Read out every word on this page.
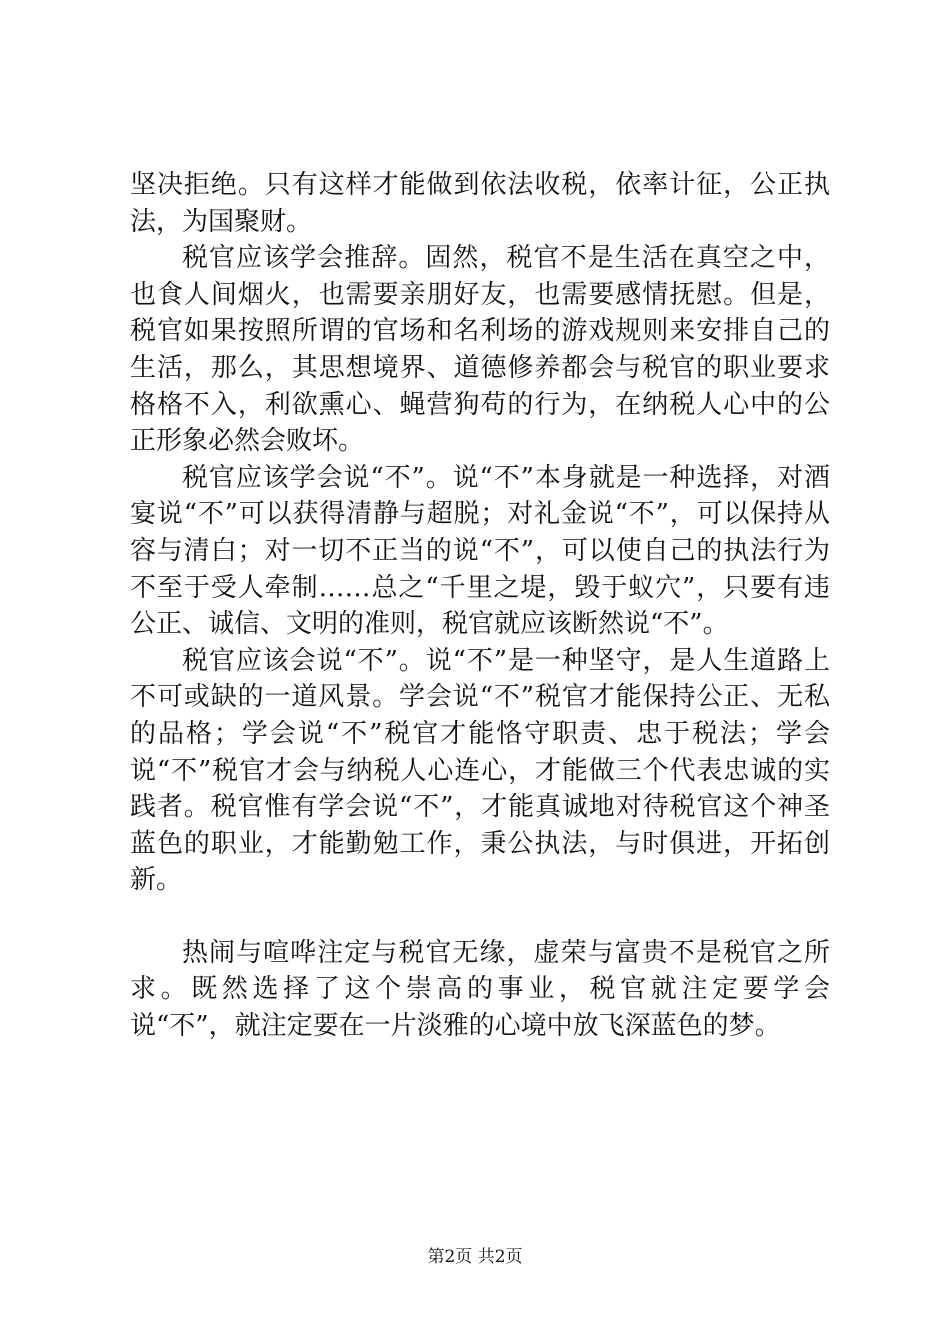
坚决拒绝。只有这样才能做到依法收税，依率计征，公正执法，为国聚财。

税官应该学会推辞。固然，税官不是生活在真空之中，也食人间烟火，也需要亲朋好友，也需要感情抚慰。但是，税官如果按照所谓的官场和名利场的游戏规则来安排自己的生活，那么，其思想境界、道德修养都会与税官的职业要求格格不入，利欲熏心、蝇营狗苟的行为，在纳税人心中的公正形象必然会败坏。

税官应该学会说“不”。说“不”本身就是一种选择，对酒宴说“不”可以获得清静与超脱；对礼金说“不”，可以保持从容与清白；对一切不正当的说“不”，可以使自己的执法行为不至于受人牵制……总之“千里之堤，毁于蚁穴”，只要有违公正、诚信、文明的准则，税官就应该断然说“不”。

税官应该会说“不”。说“不”是一种坚守，是人生道路上不可或缺的一道风景。学会说“不”税官才能保持公正、无私的品格；学会说“不”税官才能恪守职责、忠于税法；学会说“不”税官才会与纳税人心连心，才能做三个代表忠诚的实践者。税官惟有学会说“不”，才能真诚地对待税官这个神圣蓝色的职业，才能勤勉工作，秉公执法，与时俱进，开拓创新。

热闹与喧哗注定与税官无缘，虚荣与富贵不是税官之所求。既然选择了这个崇高的事业，税官就注定要学会说“不”，就注定要在一片淡雅的心境中放飞深蓝色的梦。

第2页 共2页
